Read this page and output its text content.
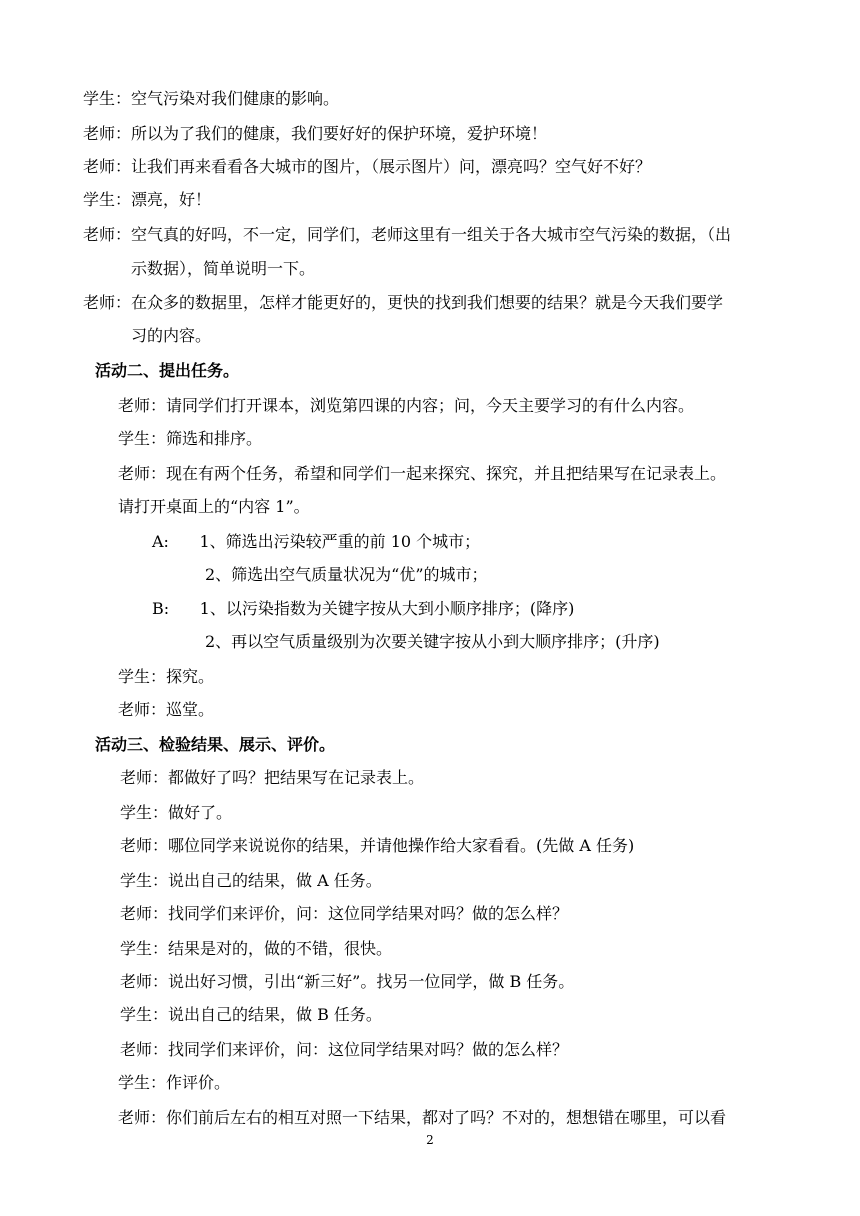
学生：空气污染对我们健康的影响。
老师：所以为了我们的健康，我们要好好的保护环境，爱护环境！
老师：让我们再来看看各大城市的图片，（展示图片）问，漂亮吗？空气好不好？
学生：漂亮，好！
老师：空气真的好吗，不一定，同学们，老师这里有一组关于各大城市空气污染的数据，（出
示数据），简单说明一下。
老师：在众多的数据里，怎样才能更好的，更快的找到我们想要的结果？就是今天我们要学
习的内容。
活动二、提出任务。
老师：请同学们打开课本，浏览第四课的内容；问，今天主要学习的有什么内容。
学生：筛选和排序。
老师：现在有两个任务，希望和同学们一起来探究、探究，并且把结果写在记录表上。
请打开桌面上的“内容 1”。
A:      1、筛选出污染较严重的前 10 个城市；
2、筛选出空气质量状况为“优”的城市；
B:      1、以污染指数为关键字按从大到小顺序排序；(降序)
2、再以空气质量级别为次要关键字按从小到大顺序排序；(升序)
学生：探究。
老师：巡堂。
活动三、检验结果、展示、评价。
老师：都做好了吗？把结果写在记录表上。
学生：做好了。
老师：哪位同学来说说你的结果，并请他操作给大家看看。(先做 A 任务)
学生：说出自己的结果，做 A 任务。
老师：找同学们来评价，问：这位同学结果对吗？做的怎么样？
学生：结果是对的，做的不错，很快。
老师：说出好习惯，引出“新三好”。找另一位同学，做 B 任务。
学生：说出自己的结果，做 B 任务。
老师：找同学们来评价，问：这位同学结果对吗？做的怎么样？
学生：作评价。
老师：你们前后左右的相互对照一下结果，都对了吗？不对的，想想错在哪里，可以看
2
